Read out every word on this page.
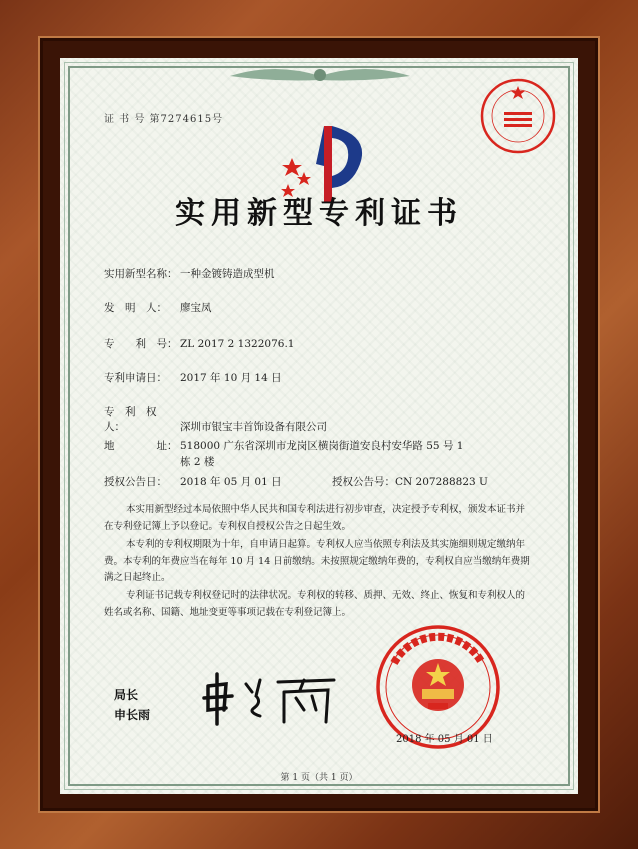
证 书 号 第7274615号
实用新型专利证书
实用新型名称： 一种金镀铸造成型机
发　明　人： 廖宝凤
专　　利　号： ZL 2017 2 1322076.1
专利申请日： 2017 年 10 月 14 日
专　利　权　人：	深圳市银宝丰首饰设备有限公司
地　　　　址： 518000 广东省深圳市龙岗区横岗街道安良村安华路 55 号 1
栋 2 楼
授权公告日： 2018 年 05 月 01 日	授权公告号：CN 207288823 U
本实用新型经过本局依照中华人民共和国专利法进行初步审查，决定授予专利权，颁发本证书并在专利登记簿上予以登记。专利权自授权公告之日起生效。
本专利的专利权期限为十年，自申请日起算。专利权人应当依照专利法及其实施细则规定缴纳年费。本专利的年费应当在每年 10 月 14 日前缴纳。未按照规定缴纳年费的，专利权自应当缴纳年费期满之日起终止。
专利证书记载专利权登记时的法律状况。专利权的转移、质押、无效、终止、恢复和专利权人的姓名或名称、国籍、地址变更等事项记载在专利登记簿上。
局长
申长雨
2018 年 05 月 01 日
第 1 页（共 1 页）
